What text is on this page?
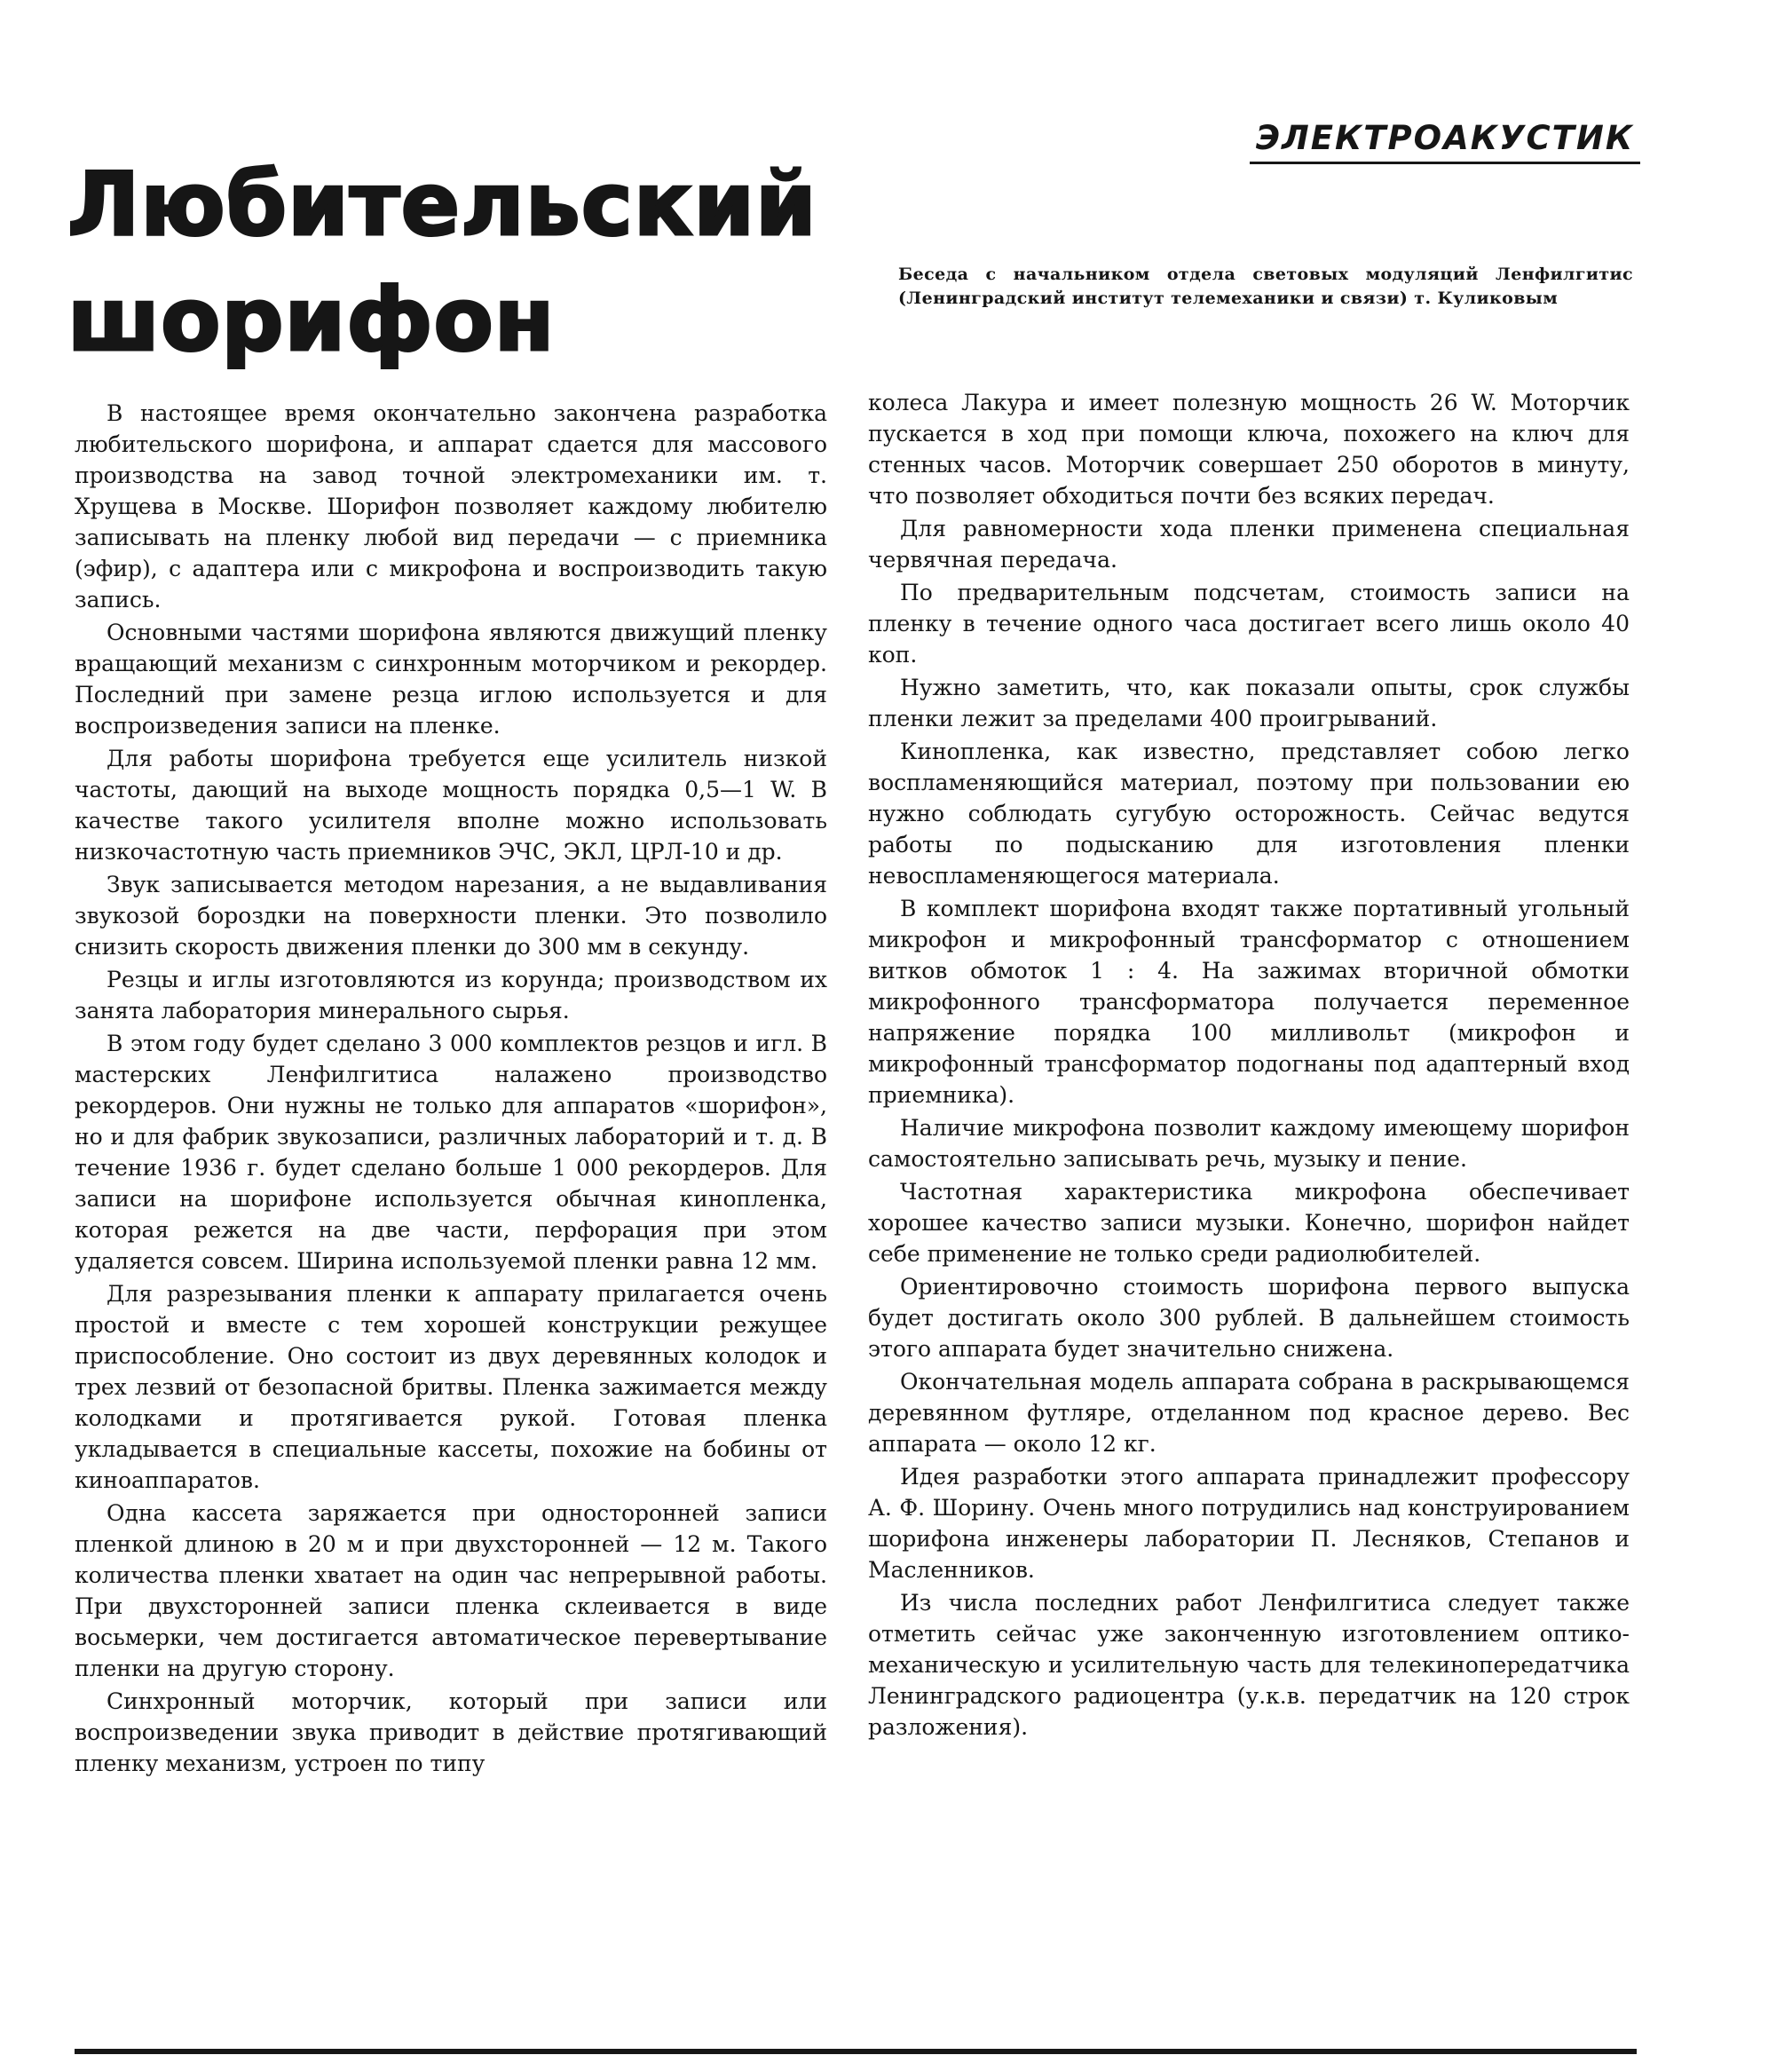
ЭЛЕКТРОАКУСТИК
Любительский шорифон	Беседа с начальником отдела световых модуляций Ленфилгитис (Ленинградский институт телемеханики и связи) т. Куликовым

В настоящее время окончательно закончена разработка любительского шорифона, и аппарат сдается для массового производства на завод точной электромеханики им. т. Хрущева в Москве. Шорифон позволяет каждому любителю записывать на пленку любой вид передачи — с приемника (эфир), с адаптера или с микрофона и воспроизводить такую запись.

Основными частями шорифона являются движущий пленку вращающий механизм с синхронным моторчиком и рекордер. Последний при замене резца иглою используется и для воспроизведения записи на пленке.

Для работы шорифона требуется еще усилитель низкой частоты, дающий на выходе мощность порядка 0,5—1 W. В качестве такого усилителя вполне можно использовать низкочастотную часть приемников ЭЧС, ЭКЛ, ЦРЛ-10 и др.

Звук записывается методом нарезания, а не выдавливания звукозой бороздки на поверхности пленки. Это позволило снизить скорость движения пленки до 300 мм в секунду.

Резцы и иглы изготовляются из корунда; производством их занята лаборатория минерального сырья.

В этом году будет сделано 3 000 комплектов резцов и игл. В мастерских Ленфилгитиса налажено производство рекордеров. Они нужны не только для аппаратов «шорифон», но и для фабрик звукозаписи, различных лабораторий и т. д. В течение 1936 г. будет сделано больше 1 000 рекордеров. Для записи на шорифоне используется обычная кинопленка, которая режется на две части, перфорация при этом удаляется совсем. Ширина используемой пленки равна 12 мм.

Для разрезывания пленки к аппарату прилагается очень простой и вместе с тем хорошей конструкции режущее приспособление. Оно состоит из двух деревянных колодок и трех лезвий от безопасной бритвы. Пленка зажимается между колодками и протягивается рукой. Готовая пленка укладывается в специальные кассеты, похожие на бобины от киноаппаратов.

Одна кассета заряжается при односторонней записи пленкой длиною в 20 м и при двухсторонней — 12 м. Такого количества пленки хватает на один час непрерывной работы. При двухсторонней записи пленка склеивается в виде восьмерки, чем достигается автоматическое перевертывание пленки на другую сторону.

Синхронный моторчик, который при записи или воспроизведении звука приводит в действие протягивающий пленку механизм, устроен по типу

колеса Лакура и имеет полезную мощность 26 W. Моторчик пускается в ход при помощи ключа, похожего на ключ для стенных часов. Моторчик совершает 250 оборотов в минуту, что позволяет обходиться почти без всяких передач.

Для равномерности хода пленки применена специальная червячная передача.

По предварительным подсчетам, стоимость записи на пленку в течение одного часа достигает всего лишь около 40 коп.

Нужно заметить, что, как показали опыты, срок службы пленки лежит за пределами 400 проигрываний.

Кинопленка, как известно, представляет собою легко воспламеняющийся материал, поэтому при пользовании ею нужно соблюдать сугубую осторожность. Сейчас ведутся работы по подысканию для изготовления пленки невоспламеняющегося материала.

В комплект шорифона входят также портативный угольный микрофон и микрофонный трансформатор с отношением витков обмоток 1 : 4. На зажимах вторичной обмотки микрофонного трансформатора получается переменное напряжение порядка 100 милливольт (микрофон и микрофонный трансформатор подогнаны под адаптерный вход приемника).

Наличие микрофона позволит каждому имеющему шорифон самостоятельно записывать речь, музыку и пение.

Частотная характеристика микрофона обеспечивает хорошее качество записи музыки. Конечно, шорифон найдет себе применение не только среди радиолюбителей.

Ориентировочно стоимость шорифона первого выпуска будет достигать около 300 рублей. В дальнейшем стоимость этого аппарата будет значительно снижена.

Окончательная модель аппарата собрана в раскрывающемся деревянном футляре, отделанном под красное дерево. Вес аппарата — около 12 кг.

Идея разработки этого аппарата принадлежит профессору А. Ф. Шорину. Очень много потрудились над конструированием шорифона инженеры лаборатории П. Лесняков, Степанов и Масленников.

Из числа последних работ Ленфилгитиса следует также отметить сейчас уже законченную изготовлением оптико-механическую и усилительную часть для телекинопередатчика Ленинградского радиоцентра (у.к.в. передатчик на 120 строк разложения).
